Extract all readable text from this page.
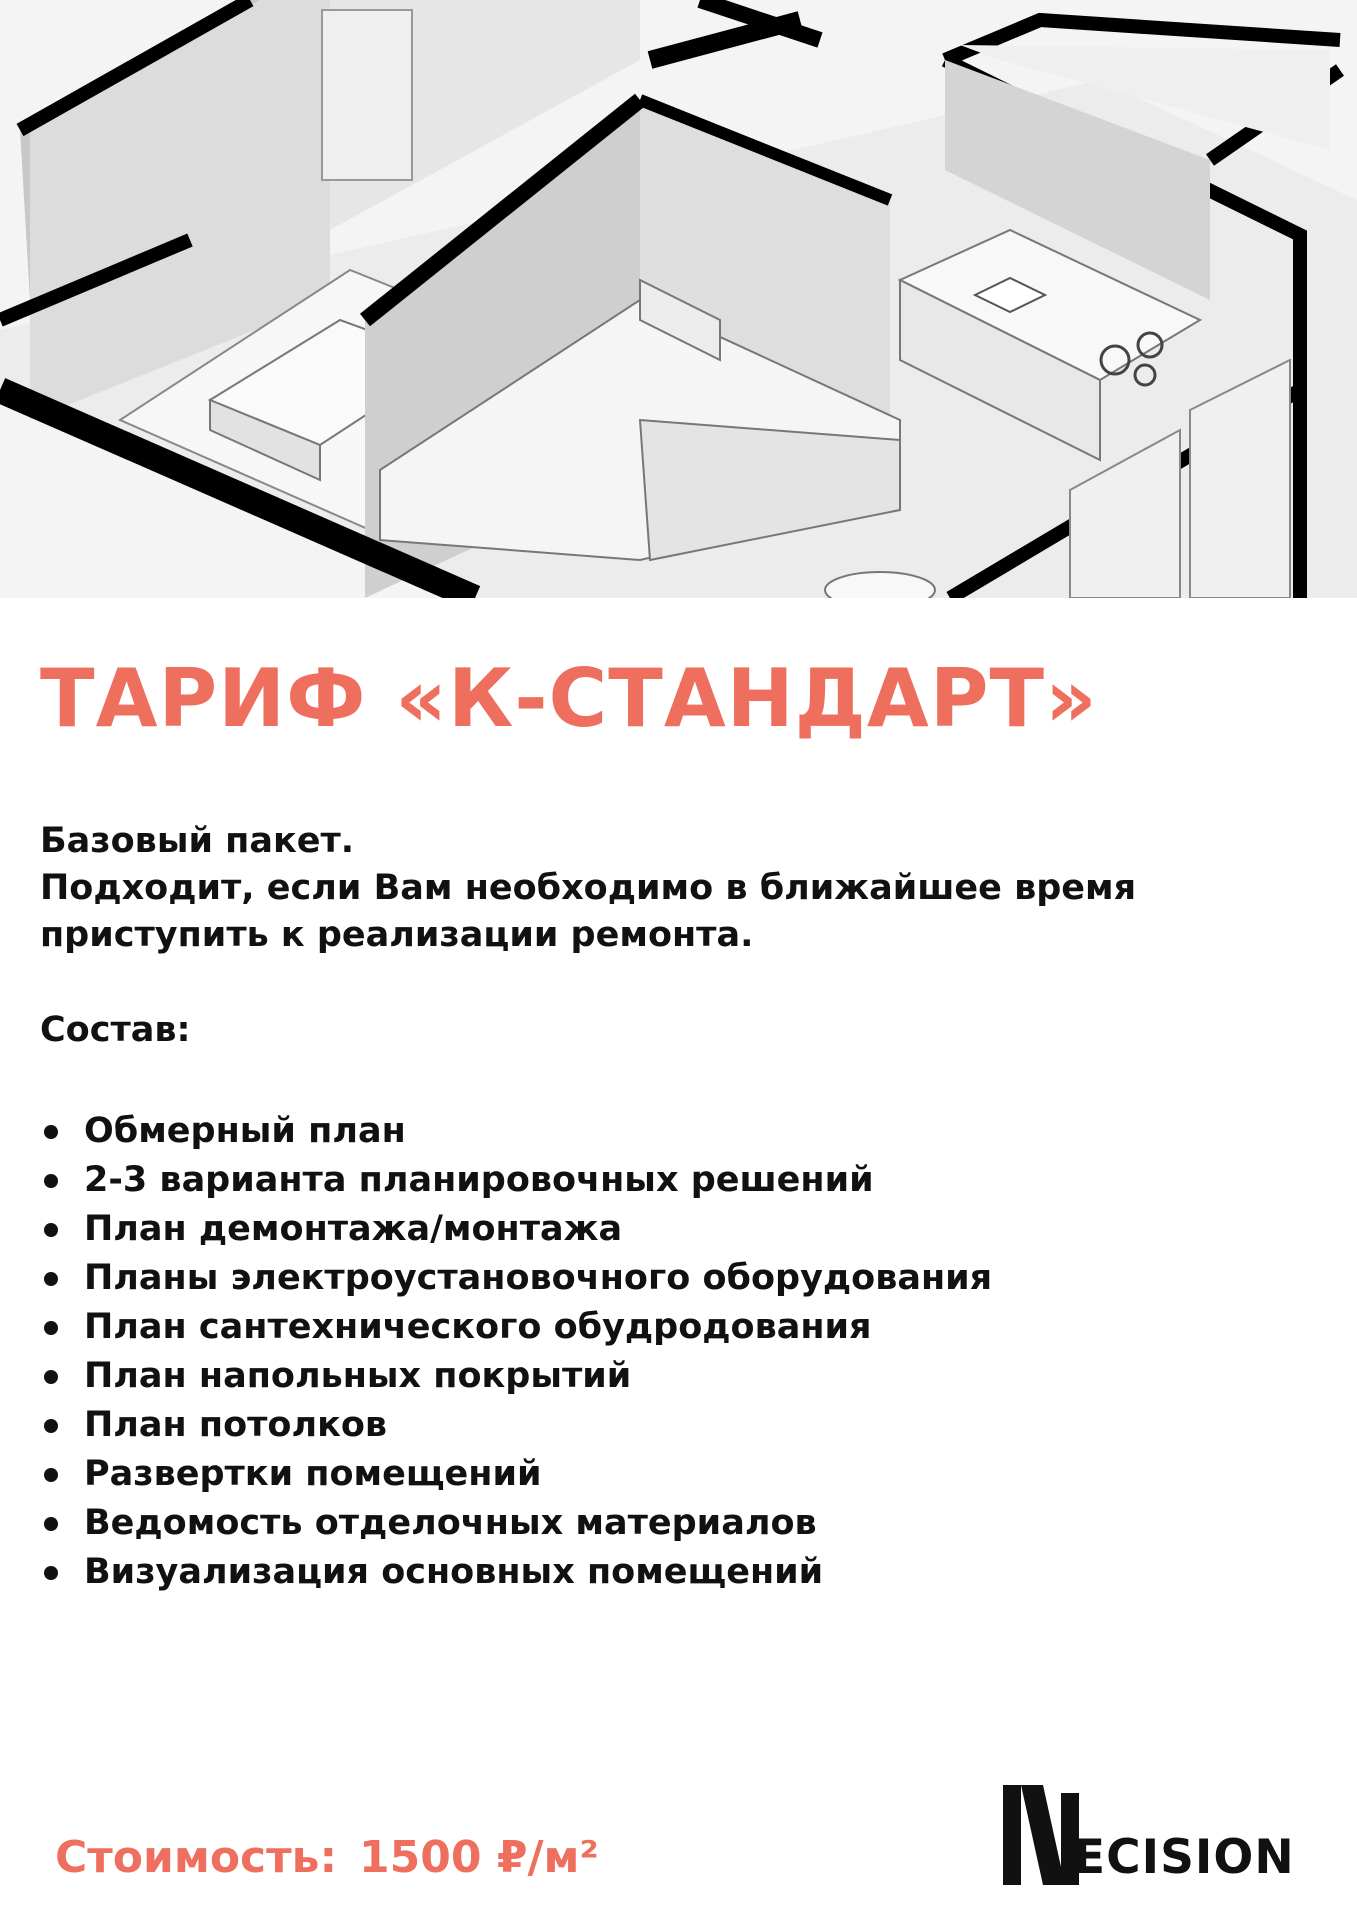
ТАРИФ «К-СТАНДАРТ»
Базовый пакет.
Подходит, если Вам необходимо в ближайшее время
приступить к реализации ремонта.
Состав:
Обмерный план
2-3 варианта планировочных решений
План демонтажа/монтажа
Планы электроустановочного оборудования
План сантехнического обудродования
План напольных покрытий
План потолков
Развертки помещений
Ведомость отделочных материалов
Визуализация основных помещений
Стоимость: 1500 ₽/м²	ECISION
